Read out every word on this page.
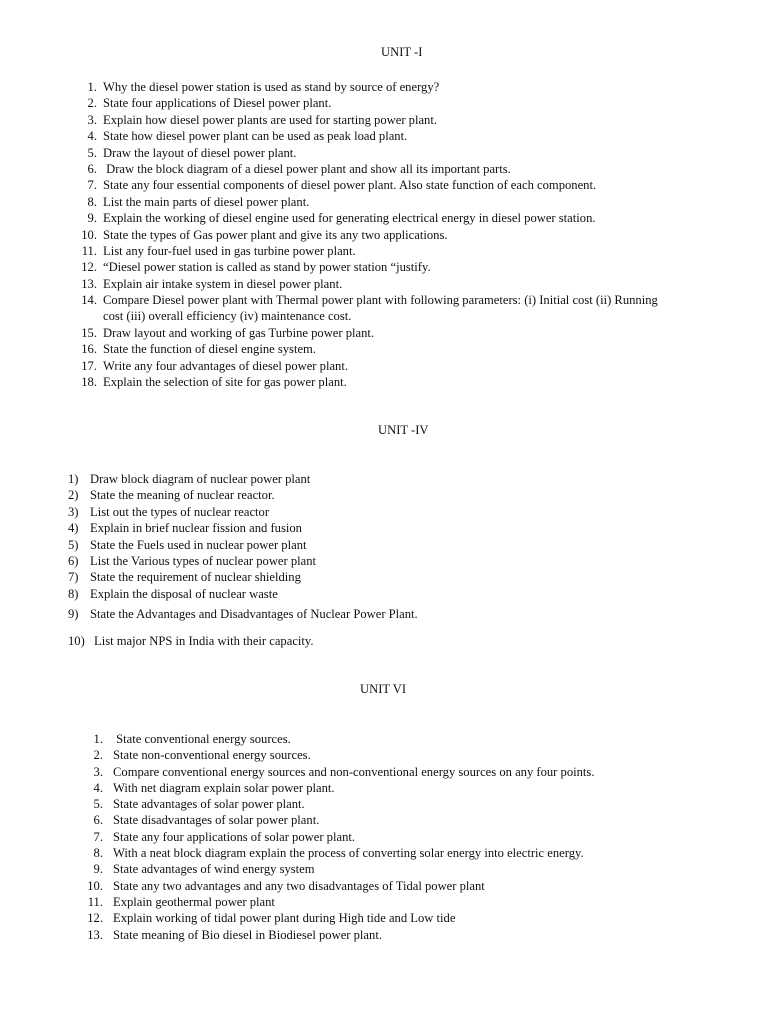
UNIT -I
1. Why the diesel power station is used as stand by source of energy?
2. State four applications of Diesel power plant.
3. Explain how diesel power plants are used for starting power plant.
4. State how diesel power plant can be used as peak load plant.
5. Draw the layout of diesel power plant.
6. Draw the block diagram of a diesel power plant and show all its important parts.
7. State any four essential components of diesel power plant. Also state function of each component.
8. List the main parts of diesel power plant.
9. Explain the working of diesel engine used for generating electrical energy in diesel power station.
10. State the types of Gas power plant and give its any two applications.
11. List any four-fuel used in gas turbine power plant.
12. “Diesel power station is called as stand by power station “justify.
13. Explain air intake system in diesel power plant.
14. Compare Diesel power plant with Thermal power plant with following parameters: (i) Initial cost (ii) Running
cost (iii) overall efficiency (iv) maintenance cost.
15. Draw layout and working of gas Turbine power plant.
16. State the function of diesel engine system.
17. Write any four advantages of diesel power plant.
18. Explain the selection of site for gas power plant.
UNIT -IV
1) Draw block diagram of nuclear power plant
2) State the meaning of nuclear reactor.
3) List out the types of nuclear reactor
4) Explain in brief nuclear fission and fusion
5) State the Fuels used in nuclear power plant
6) List the Various types of nuclear power plant
7) State the requirement of nuclear shielding
8) Explain the disposal of nuclear waste
9) State the Advantages and Disadvantages of Nuclear Power Plant.
10) List major NPS in India with their capacity.
UNIT VI
1. State conventional energy sources.
2. State non-conventional energy sources.
3. Compare conventional energy sources and non-conventional energy sources on any four points.
4. With net diagram explain solar power plant.
5. State advantages of solar power plant.
6. State disadvantages of solar power plant.
7. State any four applications of solar power plant.
8. With a neat block diagram explain the process of converting solar energy into electric energy.
9. State advantages of wind energy system
10. State any two advantages and any two disadvantages of Tidal power plant
11. Explain geothermal power plant
12. Explain working of tidal power plant during High tide and Low tide
13. State meaning of Bio diesel in Biodiesel power plant.
